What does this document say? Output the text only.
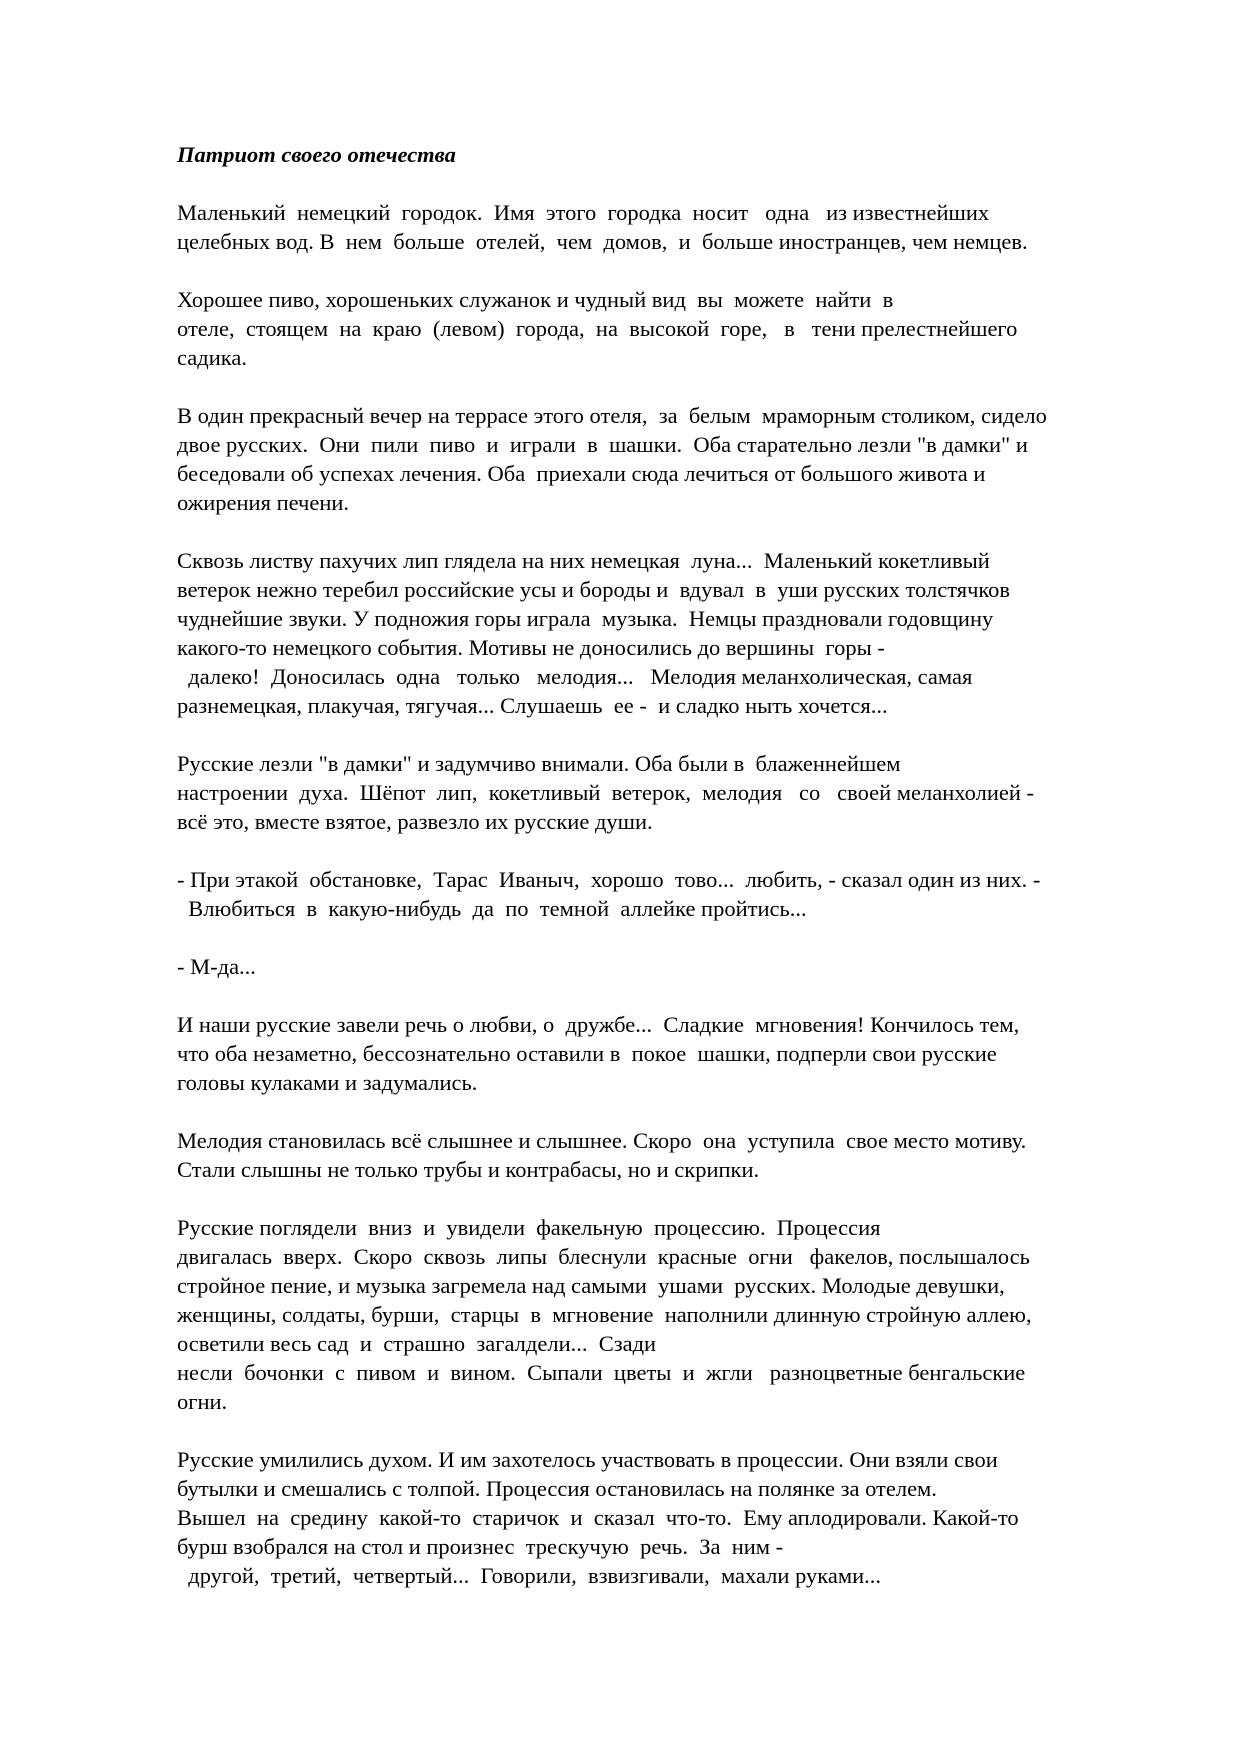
Патриот своего отечества
Маленький  немецкий  городок.  Имя  этого  городка  носит   одна   из известнейших
целебных вод. В  нем  больше  отелей,  чем  домов,  и  больше иностранцев, чем немцев.
Хорошее пиво, хорошеньких служанок и чудный вид  вы  можете  найти  в
отеле,  стоящем  на  краю  (левом)  города,  на  высокой  горе,   в   тени прелестнейшего
садика.
В один прекрасный вечер на террасе этого отеля,  за  белым  мраморным столиком, сидело
двое русских.  Они  пили  пиво  и  играли  в  шашки.  Оба старательно лезли "в дамки" и
беседовали об успехах лечения. Оба  приехали сюда лечиться от большого живота и
ожирения печени.
Сквозь листву пахучих лип глядела на них немецкая  луна...  Маленький кокетливый
ветерок нежно теребил российские усы и бороды и  вдувал  в  уши русских толстячков
чуднейшие звуки. У подножия горы играла  музыка.  Немцы праздновали годовщину
какого-то немецкого события. Мотивы не доносились до вершины  горы -
далеко!  Доносилась  одна   только   мелодия...   Мелодия меланхолическая, самая
разнемецкая, плакучая, тягучая... Слушаешь  ее -  и сладко ныть хочется...
Русские лезли "в дамки" и задумчиво внимали. Оба были в  блаженнейшем
настроении  духа.  Шёпот  лип,  кокетливый  ветерок,  мелодия   со   своей меланхолией -
всё это, вместе взятое, развезло их русские души.
- При этакой  обстановке,  Тарас  Иваныч,  хорошо  тово...  любить, - сказал один из них. -
Влюбиться  в  какую-нибудь  да  по  темной  аллейке пройтись...
- М-да...
И наши русские завели речь о любви, о  дружбе...  Сладкие  мгновения! Кончилось тем,
что оба незаметно, бессознательно оставили в  покое  шашки, подперли свои русские
головы кулаками и задумались.
Мелодия становилась всё слышнее и слышнее. Скоро  она  уступила  свое место мотиву.
Стали слышны не только трубы и контрабасы, но и скрипки.
Русские поглядели  вниз  и  увидели  факельную  процессию.  Процессия
двигалась  вверх.  Скоро  сквозь  липы  блеснули  красные  огни   факелов, послышалось
стройное пение, и музыка загремела над самыми  ушами  русских. Молодые девушки,
женщины, солдаты, бурши,  старцы  в  мгновение  наполнили длинную стройную аллею,
осветили весь сад  и  страшно  загалдели...  Сзади
несли  бочонки  с  пивом  и  вином.  Сыпали  цветы  и  жгли   разноцветные бенгальские
огни.
Русские умилились духом. И им захотелось участвовать в процессии. Они взяли свои
бутылки и смешались с толпой. Процессия остановилась на полянке за отелем.
Вышел  на  средину  какой-то  старичок  и  сказал  что-то.  Ему аплодировали. Какой-то
бурш взобрался на стол и произнес  трескучую  речь.  За  ним -
другой,  третий,  четвертый...  Говорили,  взвизгивали,  махали руками...
